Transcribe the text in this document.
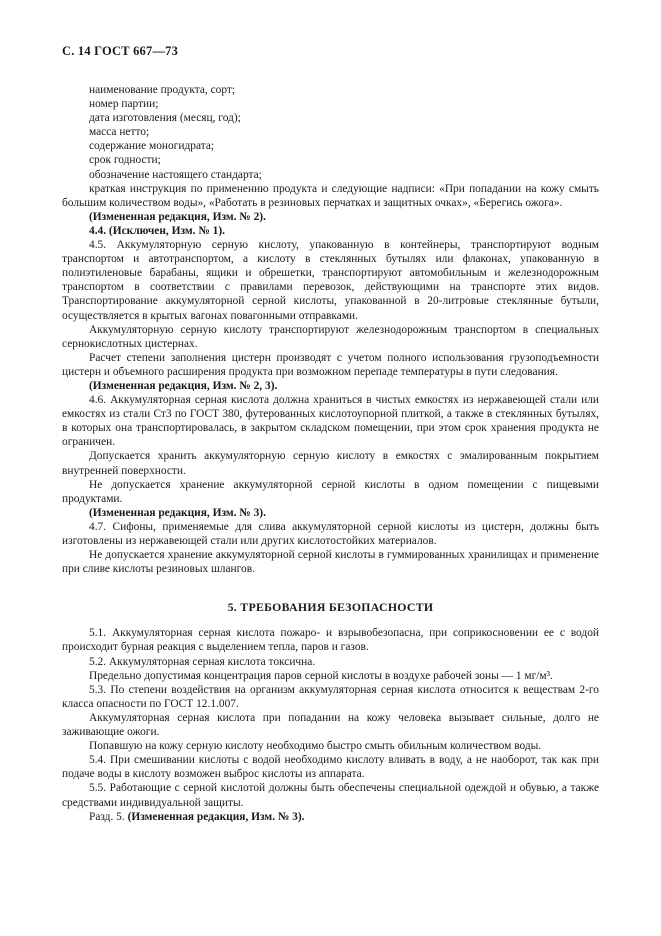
С. 14 ГОСТ 667—73

наименование продукта, сорт;

номер партии;

дата изготовления (месяц, год);

масса нетто;

содержание моногидрата;

срок годности;

обозначение настоящего стандарта;

краткая инструкция по применению продукта и следующие надписи: «При попадании на кожу смыть большим количеством воды», «Работать в резиновых перчатках и защитных очках», «Берегись ожога».

(Измененная редакция, Изм. № 2).

4.4. (Исключен, Изм. № 1).

4.5. Аккумуляторную серную кислоту, упакованную в контейнеры, транспортируют водным транспортом и автотранспортом, а кислоту в стеклянных бутылях или флаконах, упакованную в полиэтиленовые барабаны, ящики и обрешетки, транспортируют автомобильным и железнодорожным транспортом в соответствии с правилами перевозок, действующими на транспорте этих видов. Транспортирование аккумуляторной серной кислоты, упакованной в 20-литровые стеклянные бутыли, осуществляется в крытых вагонах повагонными отправками.

Аккумуляторную серную кислоту транспортируют железнодорожным транспортом в специальных сернокислотных цистернах.

Расчет степени заполнения цистерн производят с учетом полного использования грузоподъемности цистерн и объемного расширения продукта при возможном перепаде температуры в пути следования.

(Измененная редакция, Изм. № 2, 3).

4.6. Аккумуляторная серная кислота должна храниться в чистых емкостях из нержавеющей стали или емкостях из стали Ст3 по ГОСТ 380, футерованных кислотоупорной плиткой, а также в стеклянных бутылях, в которых она транспортировалась, в закрытом складском помещении, при этом срок хранения продукта не ограничен.

Допускается хранить аккумуляторную серную кислоту в емкостях с эмалированным покрытием внутренней поверхности.

Не допускается хранение аккумуляторной серной кислоты в одном помещении с пищевыми продуктами.

(Измененная редакция, Изм. № 3).

4.7. Сифоны, применяемые для слива аккумуляторной серной кислоты из цистерн, должны быть изготовлены из нержавеющей стали или других кислотостойких материалов.

Не допускается хранение аккумуляторной серной кислоты в гуммированных хранилищах и применение при сливе кислоты резиновых шлангов.

5. ТРЕБОВАНИЯ БЕЗОПАСНОСТИ

5.1. Аккумуляторная серная кислота пожаро- и взрывобезопасна, при соприкосновении ее с водой происходит бурная реакция с выделением тепла, паров и газов.

5.2. Аккумуляторная серная кислота токсична.

Предельно допустимая концентрация паров серной кислоты в воздухе рабочей зоны — 1 мг/м³.

5.3. По степени воздействия на организм аккумуляторная серная кислота относится к веществам 2-го класса опасности по ГОСТ 12.1.007.

Аккумуляторная серная кислота при попадании на кожу человека вызывает сильные, долго не заживающие ожоги.

Попавшую на кожу серную кислоту необходимо быстро смыть обильным количеством воды.

5.4. При смешивании кислоты с водой необходимо кислоту вливать в воду, а не наоборот, так как при подаче воды в кислоту возможен выброс кислоты из аппарата.

5.5. Работающие с серной кислотой должны быть обеспечены специальной одеждой и обувью, а также средствами индивидуальной защиты.

Разд. 5. (Измененная редакция, Изм. № 3).
